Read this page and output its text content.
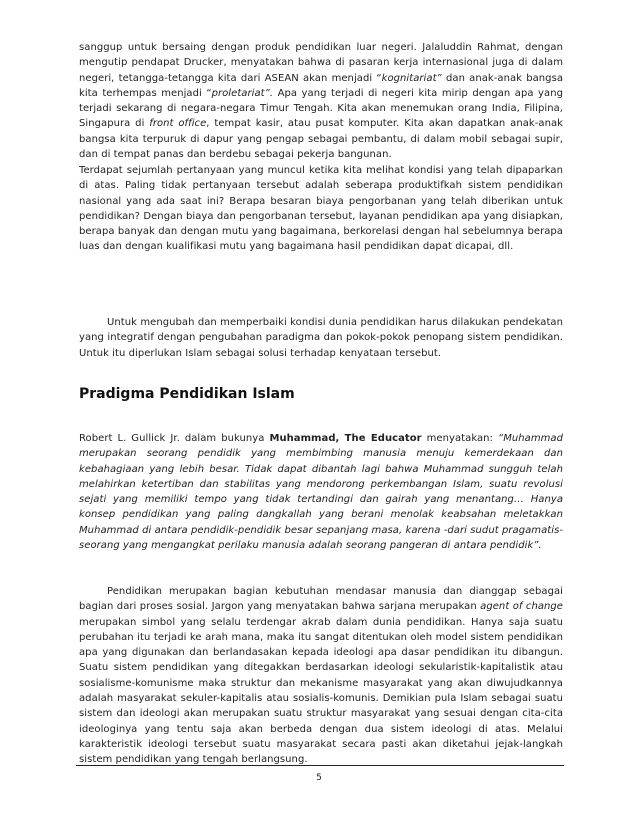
sanggup untuk bersaing dengan produk pendidikan luar negeri. Jalaluddin Rahmat, dengan mengutip pendapat Drucker, menyatakan bahwa di pasaran kerja internasional juga di dalam negeri, tetangga-tetangga kita dari ASEAN akan menjadi “kognitariat” dan anak-anak bangsa kita terhempas menjadi “proletariat”. Apa yang terjadi di negeri kita mirip dengan apa yang terjadi sekarang di negara-negara Timur Tengah. Kita akan menemukan orang India, Filipina, Singapura di front office, tempat kasir, atau pusat komputer. Kita akan dapatkan anak-anak bangsa kita terpuruk di dapur yang pengap sebagai pembantu, di dalam mobil sebagai supir, dan di tempat panas dan berdebu sebagai pekerja bangunan.

Terdapat sejumlah pertanyaan yang muncul ketika kita melihat kondisi yang telah dipaparkan di atas. Paling tidak pertanyaan tersebut adalah seberapa produktifkah sistem pendidikan nasional yang ada saat ini? Berapa besaran biaya pengorbanan yang telah diberikan untuk pendidikan? Dengan biaya dan pengorbanan tersebut, layanan pendidikan apa yang disiapkan, berapa banyak dan dengan mutu yang bagaimana, berkorelasi dengan hal sebelumnya berapa luas dan dengan kualifikasi mutu yang bagaimana hasil pendidikan dapat dicapai, dll.

Untuk mengubah dan memperbaiki kondisi dunia pendidikan harus dilakukan pendekatan yang integratif dengan pengubahan paradigma dan pokok-pokok penopang sistem pendidikan. Untuk itu diperlukan Islam sebagai solusi terhadap kenyataan tersebut.

Pradigma Pendidikan Islam

Robert L. Gullick Jr. dalam bukunya Muhammad, The Educator menyatakan: “Muhammad merupakan seorang pendidik yang membimbing manusia menuju kemerdekaan dan kebahagiaan yang lebih besar. Tidak dapat dibantah lagi bahwa Muhammad sungguh telah melahirkan ketertiban dan stabilitas yang mendorong perkembangan Islam, suatu revolusi sejati yang memiliki tempo yang tidak tertandingi dan gairah yang menantang… Hanya konsep pendidikan yang paling dangkallah yang berani menolak keabsahan meletakkan Muhammad di antara pendidik-pendidik besar sepanjang masa, karena -dari sudut pragamatis- seorang yang mengangkat perilaku manusia adalah seorang pangeran di antara pendidik”.

Pendidikan merupakan bagian kebutuhan mendasar manusia dan dianggap sebagai bagian dari proses sosial. Jargon yang menyatakan bahwa sarjana merupakan agent of change merupakan simbol yang selalu terdengar akrab dalam dunia pendidikan. Hanya saja suatu perubahan itu terjadi ke arah mana, maka itu sangat ditentukan oleh model sistem pendidikan apa yang digunakan dan berlandasakan kepada ideologi apa dasar pendidikan itu dibangun. Suatu sistem pendidikan yang ditegakkan berdasarkan ideologi sekularistik-kapitalistik atau sosialisme-komunisme maka struktur dan mekanisme masyarakat yang akan diwujudkannya adalah masyarakat sekuler-kapitalis atau sosialis-komunis. Demikian pula Islam sebagai suatu sistem dan ideologi akan merupakan suatu struktur masyarakat yang sesuai dengan cita-cita ideologinya yang tentu saja akan berbeda dengan dua sistem ideologi di atas. Melalui karakteristik ideologi tersebut suatu masyarakat secara pasti akan diketahui jejak-langkah sistem pendidikan yang tengah berlangsung.

5
